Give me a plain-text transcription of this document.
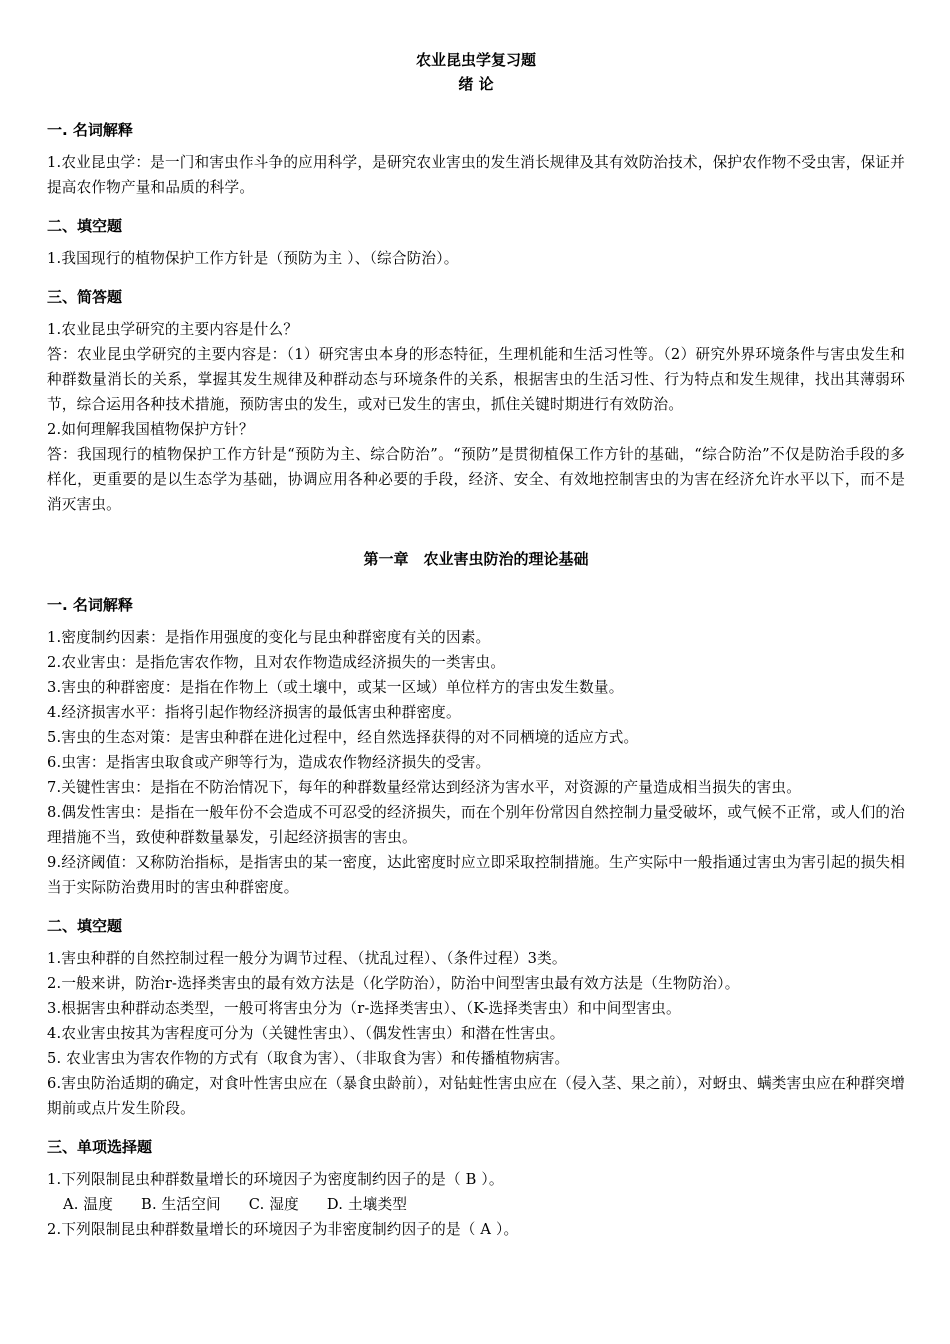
农业昆虫学复习题

绪 论

一. 名词解释

1.农业昆虫学：是一门和害虫作斗争的应用科学，是研究农业害虫的发生消长规律及其有效防治技术，保护农作物不受虫害，保证并提高农作物产量和品质的科学。

二、填空题

1.我国现行的植物保护工作方针是（预防为主 ）、（综合防治）。

三、简答题

1.农业昆虫学研究的主要内容是什么？

答：农业昆虫学研究的主要内容是：（1）研究害虫本身的形态特征，生理机能和生活习性等。（2）研究外界环境条件与害虫发生和种群数量消长的关系，掌握其发生规律及种群动态与环境条件的关系，根据害虫的生活习性、行为特点和发生规律，找出其薄弱环节，综合运用各种技术措施，预防害虫的发生，或对已发生的害虫，抓住关键时期进行有效防治。

2.如何理解我国植物保护方针？

答：我国现行的植物保护工作方针是“预防为主、综合防治”。“预防”是贯彻植保工作方针的基础，“综合防治”不仅是防治手段的多样化，更重要的是以生态学为基础，协调应用各种必要的手段，经济、安全、有效地控制害虫的为害在经济允许水平以下，而不是消灭害虫。

第一章　农业害虫防治的理论基础

一. 名词解释

1.密度制约因素：是指作用强度的变化与昆虫种群密度有关的因素。

2.农业害虫：是指危害农作物，且对农作物造成经济损失的一类害虫。

3.害虫的种群密度：是指在作物上（或土壤中，或某一区域）单位样方的害虫发生数量。

4.经济损害水平：指将引起作物经济损害的最低害虫种群密度。

5.害虫的生态对策：是害虫种群在进化过程中，经自然选择获得的对不同栖境的适应方式。

6.虫害：是指害虫取食或产卵等行为，造成农作物经济损失的受害。

7.关键性害虫：是指在不防治情况下，每年的种群数量经常达到经济为害水平，对资源的产量造成相当损失的害虫。

8.偶发性害虫：是指在一般年份不会造成不可忍受的经济损失，而在个别年份常因自然控制力量受破坏，或气候不正常，或人们的治理措施不当，致使种群数量暴发，引起经济损害的害虫。

9.经济阈值：又称防治指标，是指害虫的某一密度，达此密度时应立即采取控制措施。生产实际中一般指通过害虫为害引起的损失相当于实际防治费用时的害虫种群密度。

二、填空题

1.害虫种群的自然控制过程一般分为调节过程、（扰乱过程）、（条件过程）3类。

2.一般来讲，防治r-选择类害虫的最有效方法是（化学防治），防治中间型害虫最有效方法是（生物防治）。

3.根据害虫种群动态类型，一般可将害虫分为（r-选择类害虫）、（K-选择类害虫）和中间型害虫。

4.农业害虫按其为害程度可分为（关键性害虫）、（偶发性害虫）和潜在性害虫。

5. 农业害虫为害农作物的方式有（取食为害）、（非取食为害）和传播植物病害。

6.害虫防治适期的确定，对食叶性害虫应在（暴食虫龄前），对钻蛀性害虫应在（侵入茎、果之前），对蚜虫、螨类害虫应在种群突增期前或点片发生阶段。

三、单项选择题

1.下列限制昆虫种群数量增长的环境因子为密度制约因子的是（ B ）。

A. 温度 B. 生活空间 C. 湿度 D. 土壤类型

2.下列限制昆虫种群数量增长的环境因子为非密度制约因子的是（ A ）。
